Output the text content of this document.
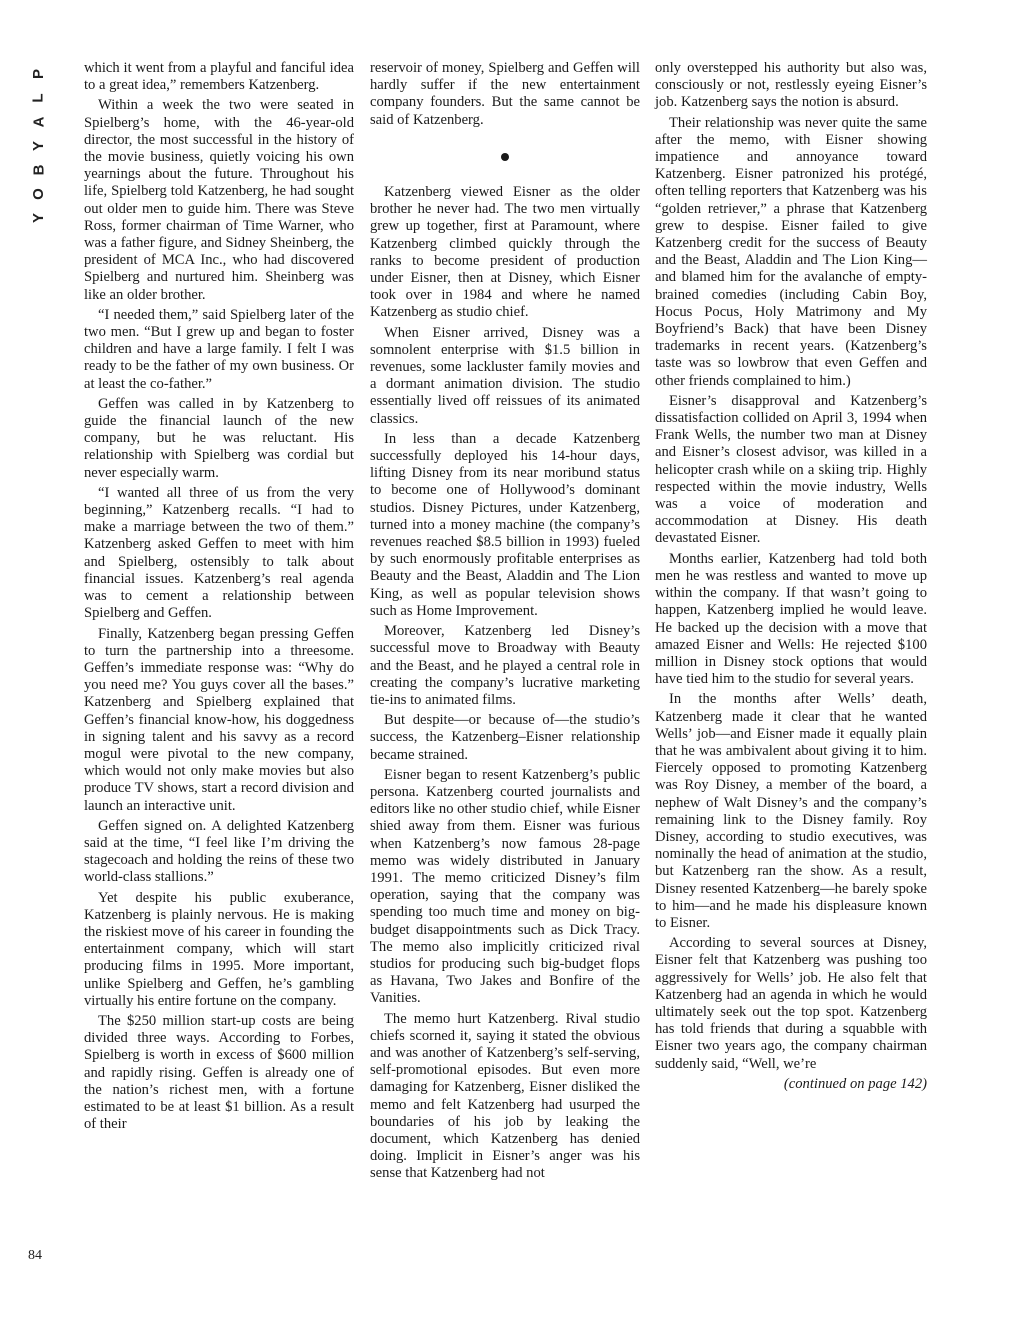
P
L
A
Y
B
O
Y
84

which it went from a playful and fanciful idea to a great idea,” remembers Katzenberg.

Within a week the two were seated in Spielberg’s home, with the 46-year-old director, the most successful in the history of the movie business, quietly voicing his own yearnings about the future. Throughout his life, Spielberg told Katzenberg, he had sought out older men to guide him. There was Steve Ross, former chairman of Time Warner, who was a father figure, and Sidney Sheinberg, the president of MCA Inc., who had discovered Spielberg and nurtured him. Sheinberg was like an older brother.

“I needed them,” said Spielberg later of the two men. “But I grew up and began to foster children and have a large family. I felt I was ready to be the father of my own business. Or at least the co-father.”

Geffen was called in by Katzenberg to guide the financial launch of the new company, but he was reluctant. His relationship with Spielberg was cordial but never especially warm.

“I wanted all three of us from the very beginning,” Katzenberg recalls. “I had to make a marriage between the two of them.” Katzenberg asked Geffen to meet with him and Spielberg, ostensibly to talk about financial issues. Katzenberg’s real agenda was to cement a relationship between Spielberg and Geffen.

Finally, Katzenberg began pressing Geffen to turn the partnership into a threesome. Geffen’s immediate response was: “Why do you need me? You guys cover all the bases.” Katzenberg and Spielberg explained that Geffen’s financial know-how, his doggedness in signing talent and his savvy as a record mogul were pivotal to the new company, which would not only make movies but also produce TV shows, start a record division and launch an interactive unit.

Geffen signed on. A delighted Katzenberg said at the time, “I feel like I’m driving the stagecoach and holding the reins of these two world-class stallions.”

Yet despite his public exuberance, Katzenberg is plainly nervous. He is making the riskiest move of his career in founding the entertainment company, which will start producing films in 1995. More important, unlike Spielberg and Geffen, he’s gambling virtually his entire fortune on the company.

The $250 million start-up costs are being divided three ways. According to Forbes, Spielberg is worth in excess of $600 million and rapidly rising. Geffen is already one of the nation’s richest men, with a fortune estimated to be at least $1 billion. As a result of their

reservoir of money, Spielberg and Geffen will hardly suffer if the new entertainment company founders. But the same cannot be said of Katzenberg.

Katzenberg viewed Eisner as the older brother he never had. The two men virtually grew up together, first at Paramount, where Katzenberg climbed quickly through the ranks to become president of production under Eisner, then at Disney, which Eisner took over in 1984 and where he named Katzenberg as studio chief.

When Eisner arrived, Disney was a somnolent enterprise with $1.5 billion in revenues, some lackluster family movies and a dormant animation division. The studio essentially lived off reissues of its animated classics.

In less than a decade Katzenberg successfully deployed his 14-hour days, lifting Disney from its near moribund status to become one of Hollywood’s dominant studios. Disney Pictures, under Katzenberg, turned into a money machine (the company’s revenues reached $8.5 billion in 1993) fueled by such enormously profitable enterprises as Beauty and the Beast, Aladdin and The Lion King, as well as popular television shows such as Home Improvement.

Moreover, Katzenberg led Disney’s successful move to Broadway with Beauty and the Beast, and he played a central role in creating the company’s lucrative marketing tie-ins to animated films.

But despite—or because of—the studio’s success, the Katzenberg–Eisner relationship became strained.

Eisner began to resent Katzenberg’s public persona. Katzenberg courted journalists and editors like no other studio chief, while Eisner shied away from them. Eisner was furious when Katzenberg’s now famous 28-page memo was widely distributed in January 1991. The memo criticized Disney’s film operation, saying that the company was spending too much time and money on big-budget disappointments such as Dick Tracy. The memo also implicitly criticized rival studios for producing such big-budget flops as Havana, Two Jakes and Bonfire of the Vanities.

The memo hurt Katzenberg. Rival studio chiefs scorned it, saying it stated the obvious and was another of Katzenberg’s self-serving, self-promotional episodes. But even more damaging for Katzenberg, Eisner disliked the memo and felt Katzenberg had usurped the boundaries of his job by leaking the document, which Katzenberg has denied doing. Implicit in Eisner’s anger was his sense that Katzenberg had not

only overstepped his authority but also was, consciously or not, restlessly eyeing Eisner’s job. Katzenberg says the notion is absurd.

Their relationship was never quite the same after the memo, with Eisner showing impatience and annoyance toward Katzenberg. Eisner patronized his protégé, often telling reporters that Katzenberg was his “golden retriever,” a phrase that Katzenberg grew to despise. Eisner failed to give Katzenberg credit for the success of Beauty and the Beast, Aladdin and The Lion King—and blamed him for the avalanche of empty-brained comedies (including Cabin Boy, Hocus Pocus, Holy Matrimony and My Boyfriend’s Back) that have been Disney trademarks in recent years. (Katzenberg’s taste was so lowbrow that even Geffen and other friends complained to him.)

Eisner’s disapproval and Katzenberg’s dissatisfaction collided on April 3, 1994 when Frank Wells, the number two man at Disney and Eisner’s closest advisor, was killed in a helicopter crash while on a skiing trip. Highly respected within the movie industry, Wells was a voice of moderation and accommodation at Disney. His death devastated Eisner.

Months earlier, Katzenberg had told both men he was restless and wanted to move up within the company. If that wasn’t going to happen, Katzenberg implied he would leave. He backed up the decision with a move that amazed Eisner and Wells: He rejected $100 million in Disney stock options that would have tied him to the studio for several years.

In the months after Wells’ death, Katzenberg made it clear that he wanted Wells’ job—and Eisner made it equally plain that he was ambivalent about giving it to him. Fiercely opposed to promoting Katzenberg was Roy Disney, a member of the board, a nephew of Walt Disney’s and the company’s remaining link to the Disney family. Roy Disney, according to studio executives, was nominally the head of animation at the studio, but Katzenberg ran the show. As a result, Disney resented Katzenberg—he barely spoke to him—and he made his displeasure known to Eisner.

According to several sources at Disney, Eisner felt that Katzenberg was pushing too aggressively for Wells’ job. He also felt that Katzenberg had an agenda in which he would ultimately seek out the top spot. Katzenberg has told friends that during a squabble with Eisner two years ago, the company chairman suddenly said, “Well, we’re

(continued on page 142)
